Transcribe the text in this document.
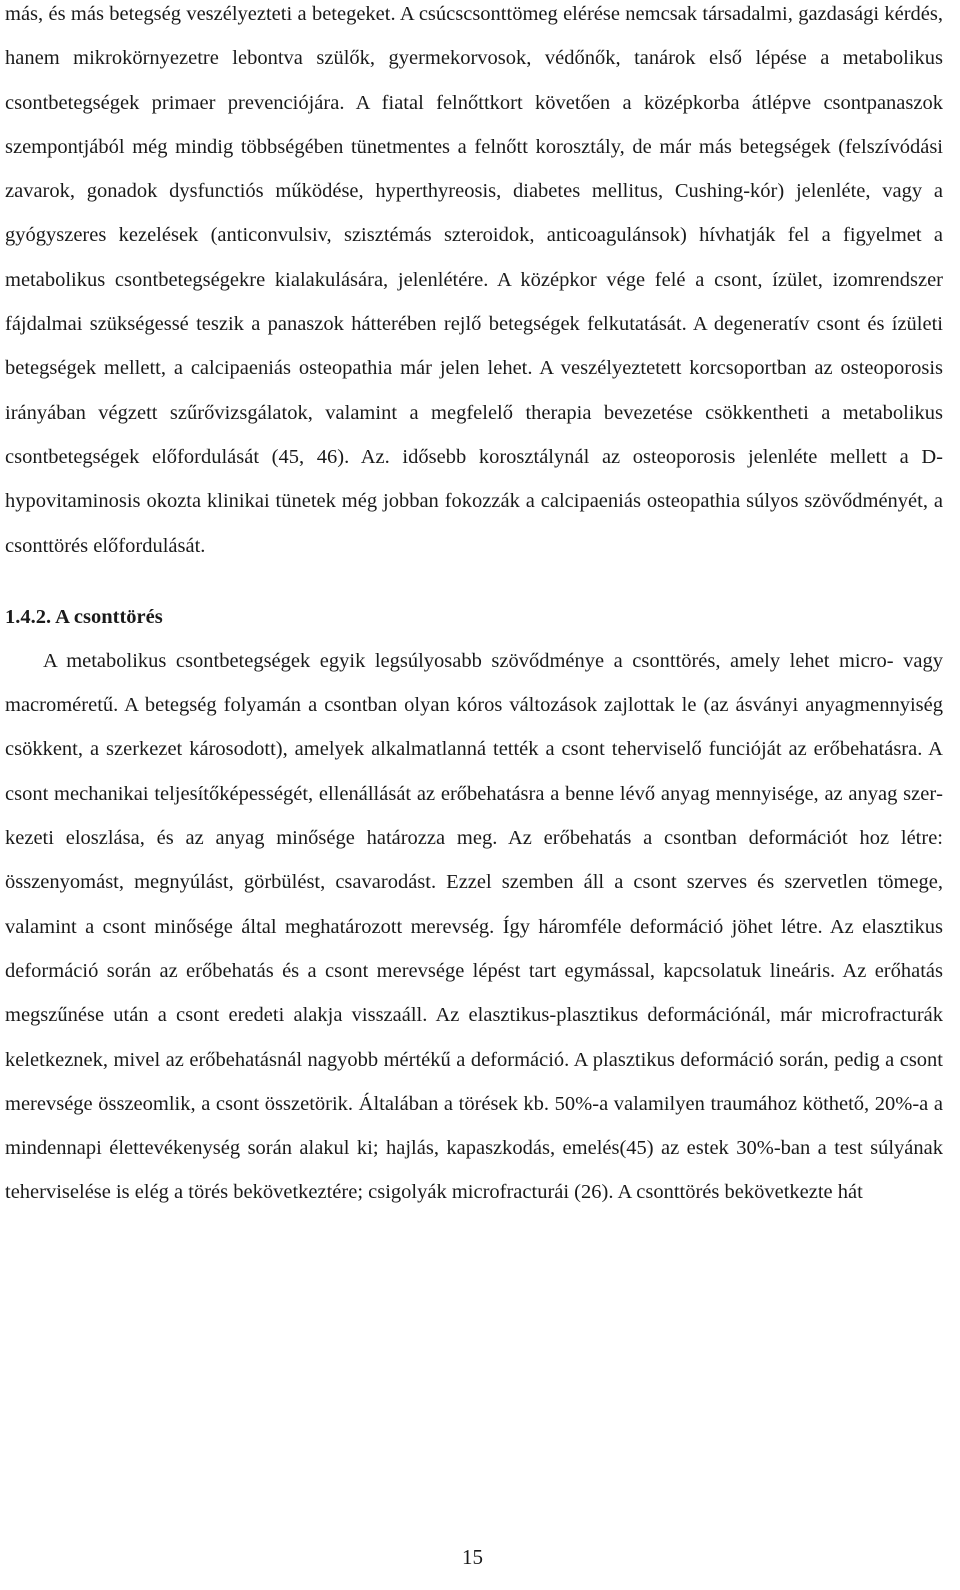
más, és más betegség veszélyezteti a betegeket. A csúcscsonttömeg elérése nemcsak társadalmi, gazdasági kérdés, hanem mikrokörnyezetre lebontva szülők, gyermekorvosok, védőnők, tanárok első lépése a metabolikus csontbetegségek primaer prevenciójára. A fiatal felnőttkort követően a középkorba átlépve csontpanaszok szempontjából még mindig többségében tünetmentes a felnőtt korosztály, de már más betegségek (felszívódási zavarok, gonadok dysfunctiós működése, hyperthyreosis, diabetes mellitus, Cushing-kór) jelenléte, vagy a gyógyszeres kezelések (anticonvulsiv, szisztémás szteroidok, anticoagulánsok) hívhatják fel a figyelmet a metabolikus csontbetegségekre kialakulására, jelenlétére. A középkor vége felé a csont, ízület, izomrendszer fájdalmai szükségessé teszik a panaszok hátterében rejlő betegségek felkutatását. A degeneratív csont és ízületi betegségek mellett, a calcipaeniás osteopathia már jelen lehet. A veszélyeztetett korcsoportban az osteoporosis irányában végzett szűrővizsgálatok, valamint a megfelelő therapia bevezetése csökkentheti a metabolikus csontbetegségek előfordulását (45, 46). Az. idősebb korosztálynál az osteoporosis jelenléte mellett a D-hypovitaminosis okozta klinikai tünetek még jobban fokozzák a calcipaeniás osteopathia súlyos szövődményét, a csonttörés előfordulását.

1.4.2. A csonttörés

A metabolikus csontbetegségek egyik legsúlyosabb szövődménye a csonttörés, amely lehet micro- vagy macroméretű. A betegség folyamán a csontban olyan kóros változások zajlottak le (az ásványi anyagmennyiség csökkent, a szerkezet károsodott), amelyek alkalmatlanná tették a csont teherviselő funcióját az erőbehatásra. A csont mechanikai teljesítőképességét, ellenállását az erőbehatásra a benne lévő anyag mennyisége, az anyag szerkezeti eloszlása, és az anyag minősége határozza meg. Az erőbehatás a csontban deformációt hoz létre: összenyomást, megnyúlást, görbülést, csavarodást. Ezzel szemben áll a csont szerves és szervetlen tömege, valamint a csont minősége által meghatározott merevség. Így háromféle deformáció jöhet létre. Az elasztikus deformáció során az erőbehatás és a csont merevsége lépést tart egymással, kapcsolatuk lineáris. Az erőhatás megszűnése után a csont eredeti alakja visszaáll. Az elasztikus-plasztikus deformációnál, már microfracturák keletkeznek, mivel az erőbehatásnál nagyobb mértékű a deformáció. A plasztikus deformáció során, pedig a csont merevsége összeomlik, a csont összetörik. Általában a törések kb. 50%-a valamilyen traumához köthető, 20%-a a mindennapi élettevékenység során alakul ki; hajlás, kapaszkodás, emelés(45) az estek 30%-ban a test súlyának teherviselése is elég a törés bekövetkeztére; csigolyák microfracturái (26). A csonttörés bekövetkezte hát

15
